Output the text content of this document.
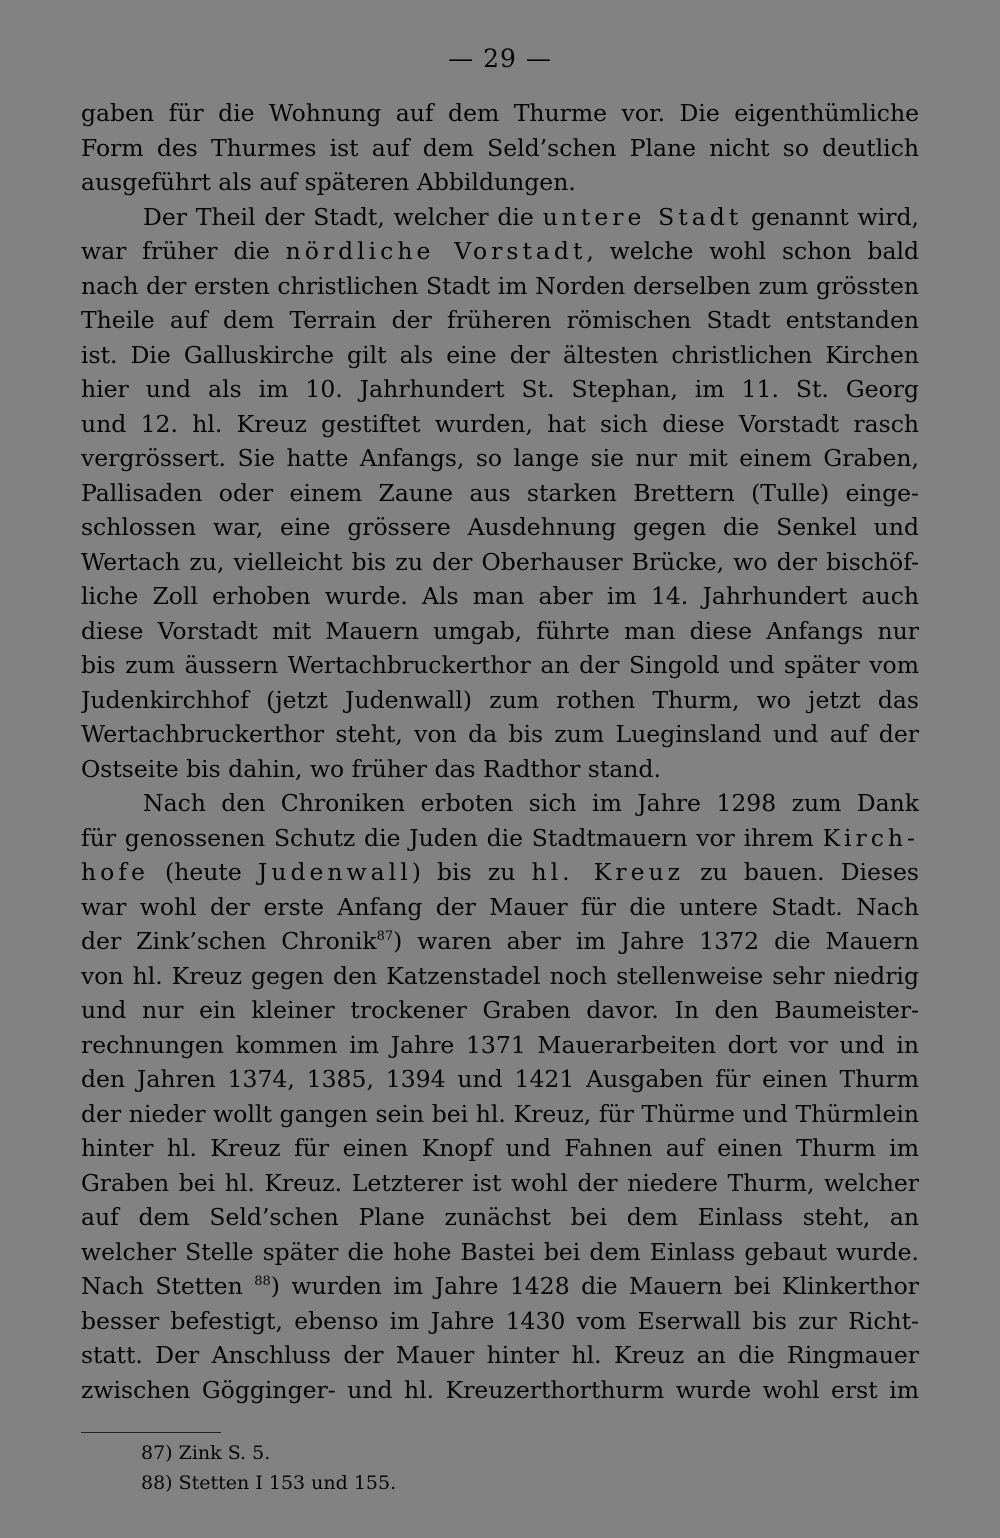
— 29 —
gaben für die Wohnung auf dem Thurme vor. Die eigenthümliche
Form des Thurmes ist auf dem Seld’schen Plane nicht so deutlich
ausgeführt als auf späteren Abbildungen.
Der Theil der Stadt, welcher die untere Stadt genannt wird,
war früher die nördliche Vorstadt, welche wohl schon bald
nach der ersten christlichen Stadt im Norden derselben zum grössten
Theile auf dem Terrain der früheren römischen Stadt entstanden
ist. Die Galluskirche gilt als eine der ältesten christlichen Kirchen
hier und als im 10. Jahrhundert St. Stephan, im 11. St. Georg
und 12. hl. Kreuz gestiftet wurden, hat sich diese Vorstadt rasch
vergrössert. Sie hatte Anfangs, so lange sie nur mit einem Graben,
Pallisaden oder einem Zaune aus starken Brettern (Tulle) einge-
schlossen war, eine grössere Ausdehnung gegen die Senkel und
Wertach zu, vielleicht bis zu der Oberhauser Brücke, wo der bischöf-
liche Zoll erhoben wurde. Als man aber im 14. Jahrhundert auch
diese Vorstadt mit Mauern umgab, führte man diese Anfangs nur
bis zum äussern Wertachbruckerthor an der Singold und später vom
Judenkirchhof (jetzt Judenwall) zum rothen Thurm, wo jetzt das
Wertachbruckerthor steht, von da bis zum Lueginsland und auf der
Ostseite bis dahin, wo früher das Radthor stand.
Nach den Chroniken erboten sich im Jahre 1298 zum Dank
für genossenen Schutz die Juden die Stadtmauern vor ihrem Kirch-
hofe (heute Judenwall) bis zu hl. Kreuz zu bauen. Dieses
war wohl der erste Anfang der Mauer für die untere Stadt. Nach
der Zink’schen Chronik$^{87}$) waren aber im Jahre 1372 die Mauern
von hl. Kreuz gegen den Katzenstadel noch stellenweise sehr niedrig
und nur ein kleiner trockener Graben davor. In den Baumeister-
rechnungen kommen im Jahre 1371 Mauerarbeiten dort vor und in
den Jahren 1374, 1385, 1394 und 1421 Ausgaben für einen Thurm
der nieder wollt gangen sein bei hl. Kreuz, für Thürme und Thürmlein
hinter hl. Kreuz für einen Knopf und Fahnen auf einen Thurm im
Graben bei hl. Kreuz. Letzterer ist wohl der niedere Thurm, welcher
auf dem Seld’schen Plane zunächst bei dem Einlass steht, an
welcher Stelle später die hohe Bastei bei dem Einlass gebaut wurde.
Nach Stetten $^{88}$) wurden im Jahre 1428 die Mauern bei Klinkerthor
besser befestigt, ebenso im Jahre 1430 vom Eserwall bis zur Richt-
statt. Der Anschluss der Mauer hinter hl. Kreuz an die Ringmauer
zwischen Gögginger- und hl. Kreuzerthorthurm wurde wohl erst im
87) Zink S. 5.
88) Stetten I 153 und 155.
